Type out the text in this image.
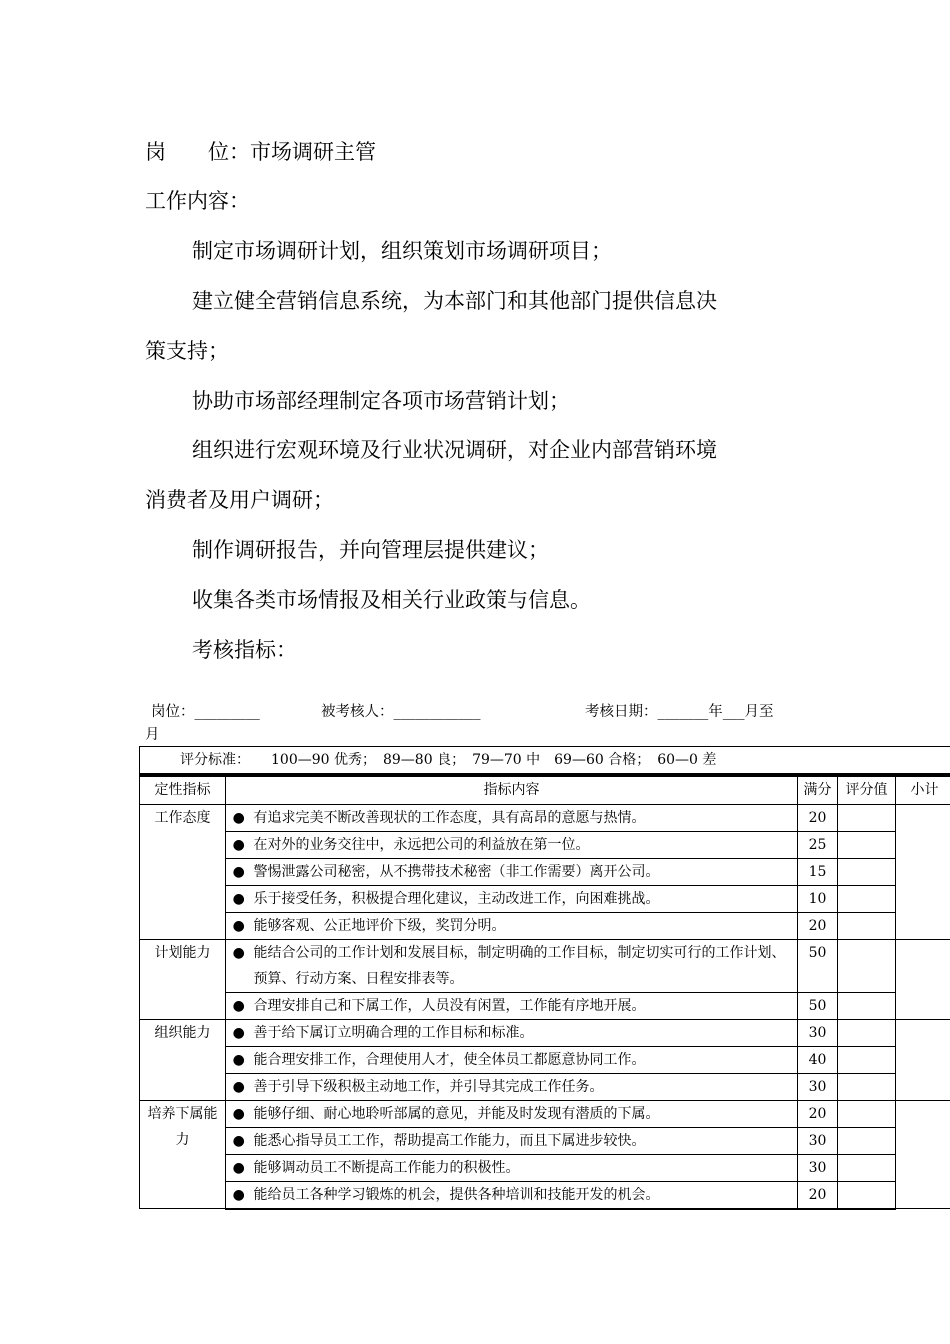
岗　　位：市场调研主管
工作内容：
制定市场调研计划，组织策划市场调研项目；
建立健全营销信息系统，为本部门和其他部门提供信息决
策支持；
协助市场部经理制定各项市场营销计划；
组织进行宏观环境及行业状况调研，对企业内部营销环境
消费者及用户调研；
制作调研报告，并向管理层提供建议；
收集各类市场情报及相关行业政策与信息。
考核指标：
岗位：_________	被考核人：____________	考核日期：_______年___月至
月
评分标准：　　100—90 优秀；　89—80 良；　79—70 中　69—60 合格；　60—0 差					
定性指标	指标内容		满分	评分值	小计
工作态度	●	有追求完美不断改善现状的工作态度，具有高昂的意愿与热情。	20		

	●	在对外的业务交往中，永远把公司的利益放在第一位。	25		

	●	警惕泄露公司秘密，从不携带技术秘密（非工作需要）离开公司。	15		

	●	乐于接受任务，积极提合理化建议，主动改进工作，向困难挑战。	10		

	●	能够客观、公正地评价下级，奖罚分明。	20		
计划能力	●	能结合公司的工作计划和发展目标，制定明确的工作目标，制定切实可行的工作计划、预算、行动方案、日程安排表等。	50		

	●	合理安排自己和下属工作，人员没有闲置，工作能有序地开展。	50		
组织能力	●	善于给下属订立明确合理的工作目标和标准。	30		

	●	能合理安排工作，合理使用人才，使全体员工都愿意协同工作。	40		

	●	善于引导下级积极主动地工作，并引导其完成工作任务。	30		
培养下属能力	●	能够仔细、耐心地聆听部属的意见，并能及时发现有潜质的下属。	20		

	●	能悉心指导员工工作，帮助提高工作能力，而且下属进步较快。	30		

	●	能够调动员工不断提高工作能力的积极性。	30		

	●	能给员工各种学习锻炼的机会，提供各种培训和技能开发的机会。	20		
